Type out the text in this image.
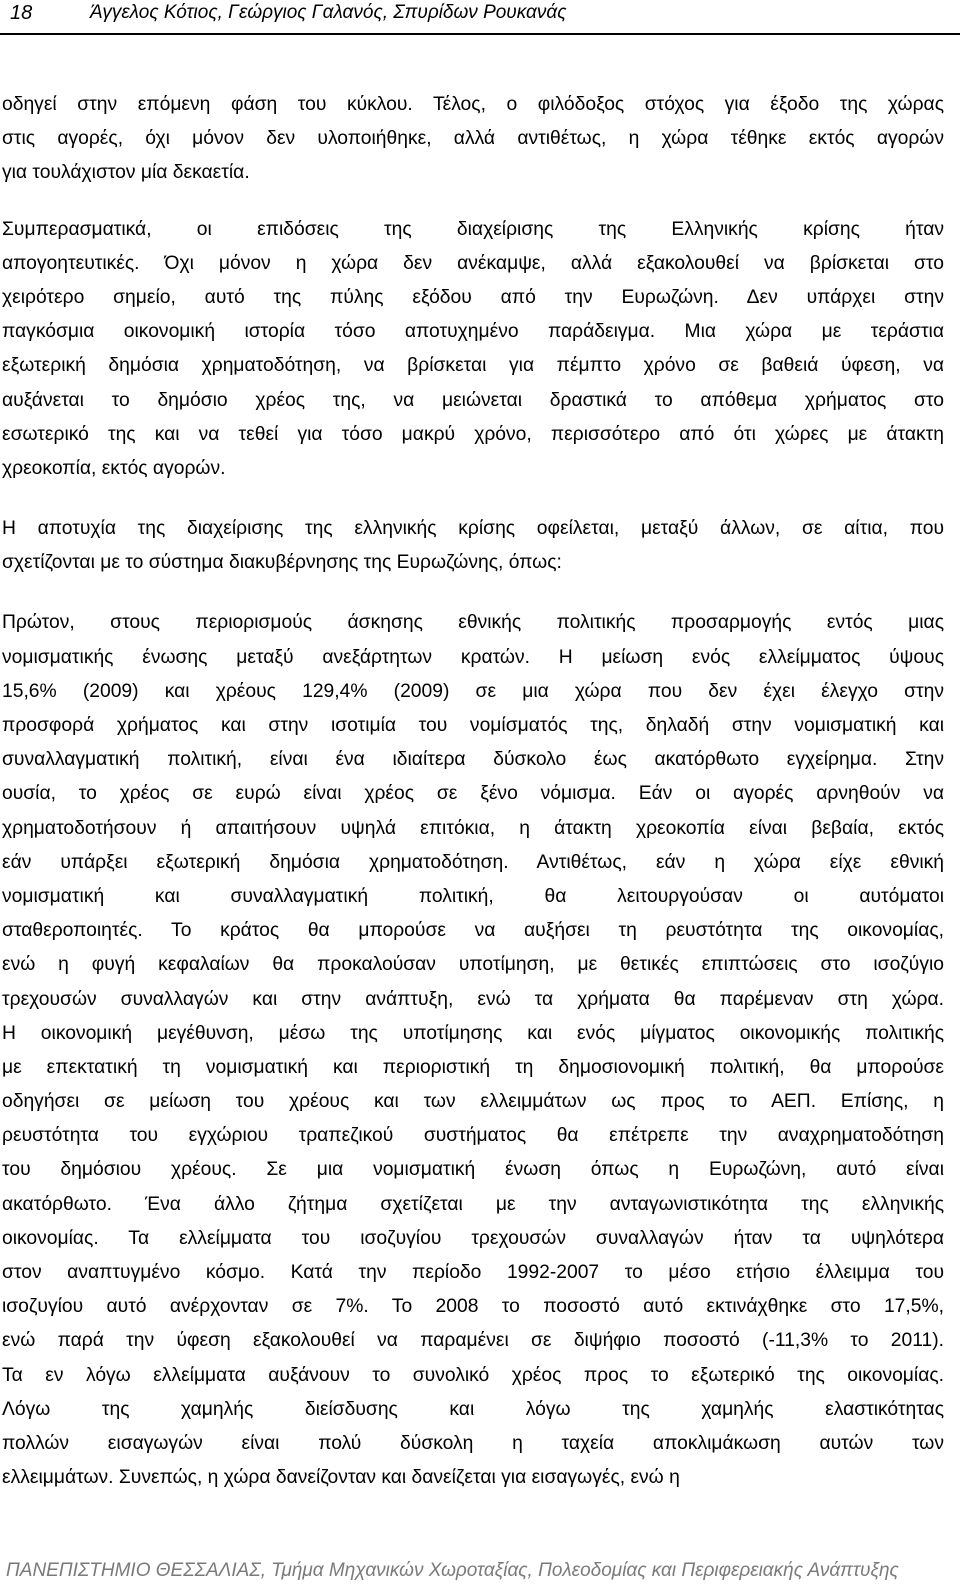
18	Άγγελος Κότιος, Γεώργιος Γαλανός, Σπυρίδων Ρουκανάς
οδηγεί στην επόμενη φάση του κύκλου. Τέλος, ο φιλόδοξος στόχος για έξοδο της χώρας
στις αγορές, όχι μόνον δεν υλοποιήθηκε, αλλά αντιθέτως, η χώρα τέθηκε εκτός αγορών
για τουλάχιστον μία δεκαετία.
Συμπερασματικά, οι επιδόσεις της διαχείρισης της Ελληνικής κρίσης ήταν
απογοητευτικές. Όχι μόνον η χώρα δεν ανέκαμψε, αλλά εξακολουθεί να βρίσκεται στο
χειρότερο σημείο, αυτό της πύλης εξόδου από την Ευρωζώνη. Δεν υπάρχει στην
παγκόσμια οικονομική ιστορία τόσο αποτυχημένο παράδειγμα. Μια χώρα με τεράστια
εξωτερική δημόσια χρηματοδότηση, να βρίσκεται για πέμπτο χρόνο σε βαθειά ύφεση, να
αυξάνεται το δημόσιο χρέος της, να μειώνεται δραστικά το απόθεμα χρήματος στο
εσωτερικό της και να τεθεί για τόσο μακρύ χρόνο, περισσότερο από ότι χώρες με άτακτη
χρεοκοπία, εκτός αγορών.
Η αποτυχία της διαχείρισης της ελληνικής κρίσης οφείλεται, μεταξύ άλλων, σε αίτια, που
σχετίζονται με το σύστημα διακυβέρνησης της Ευρωζώνης, όπως:
Πρώτον, στους περιορισμούς άσκησης εθνικής πολιτικής προσαρμογής εντός μιας
νομισματικής ένωσης μεταξύ ανεξάρτητων κρατών. Η μείωση ενός ελλείμματος ύψους
15,6% (2009) και χρέους 129,4% (2009) σε μια χώρα που δεν έχει έλεγχο στην
προσφορά χρήματος και στην ισοτιμία του νομίσματός της, δηλαδή στην νομισματική και
συναλλαγματική πολιτική, είναι ένα ιδιαίτερα δύσκολο έως ακατόρθωτο εγχείρημα. Στην
ουσία, το χρέος σε ευρώ είναι χρέος σε ξένο νόμισμα. Εάν οι αγορές αρνηθούν να
χρηματοδοτήσουν ή απαιτήσουν υψηλά επιτόκια, η άτακτη χρεοκοπία είναι βεβαία, εκτός
εάν υπάρξει εξωτερική δημόσια χρηματοδότηση. Αντιθέτως, εάν η χώρα είχε εθνική
νομισματική και συναλλαγματική πολιτική, θα λειτουργούσαν οι αυτόματοι
σταθεροποιητές. Το κράτος θα μπορούσε να αυξήσει τη ρευστότητα της οικονομίας,
ενώ η φυγή κεφαλαίων θα προκαλούσαν υποτίμηση, με θετικές επιπτώσεις στο ισοζύγιο
τρεχουσών συναλλαγών και στην ανάπτυξη, ενώ τα χρήματα θα παρέμεναν στη χώρα.
Η οικονομική μεγέθυνση, μέσω της υποτίμησης και ενός μίγματος οικονομικής πολιτικής
με επεκτατική τη νομισματική και περιοριστική τη δημοσιονομική πολιτική, θα μπορούσε
οδηγήσει σε μείωση του χρέους και των ελλειμμάτων ως προς το ΑΕΠ. Επίσης, η
ρευστότητα του εγχώριου τραπεζικού συστήματος θα επέτρεπε την αναχρηματοδότηση
του δημόσιου χρέους. Σε μια νομισματική ένωση όπως η Ευρωζώνη, αυτό είναι
ακατόρθωτο. Ένα άλλο ζήτημα σχετίζεται με την ανταγωνιστικότητα της ελληνικής
οικονομίας. Τα ελλείμματα του ισοζυγίου τρεχουσών συναλλαγών ήταν τα υψηλότερα
στον αναπτυγμένο κόσμο. Κατά την περίοδο 1992-2007 το μέσο ετήσιο έλλειμμα του
ισοζυγίου αυτό ανέρχονταν σε 7%. Το 2008 το ποσοστό αυτό εκτινάχθηκε στο 17,5%,
ενώ παρά την ύφεση εξακολουθεί να παραμένει σε διψήφιο ποσοστό (-11,3% το 2011).
Τα εν λόγω ελλείμματα αυξάνουν το συνολικό χρέος προς το εξωτερικό της οικονομίας.
Λόγω της χαμηλής διείσδυσης και λόγω της χαμηλής ελαστικότητας
πολλών εισαγωγών είναι πολύ δύσκολη η ταχεία αποκλιμάκωση αυτών των
ελλειμμάτων. Συνεπώς, η χώρα δανείζονταν και δανείζεται για εισαγωγές, ενώ η
ΠΑΝΕΠΙΣΤΗΜΙΟ ΘΕΣΣΑΛΙΑΣ, Τμήμα Μηχανικών Χωροταξίας, Πολεοδομίας και Περιφερειακής Ανάπτυξης
